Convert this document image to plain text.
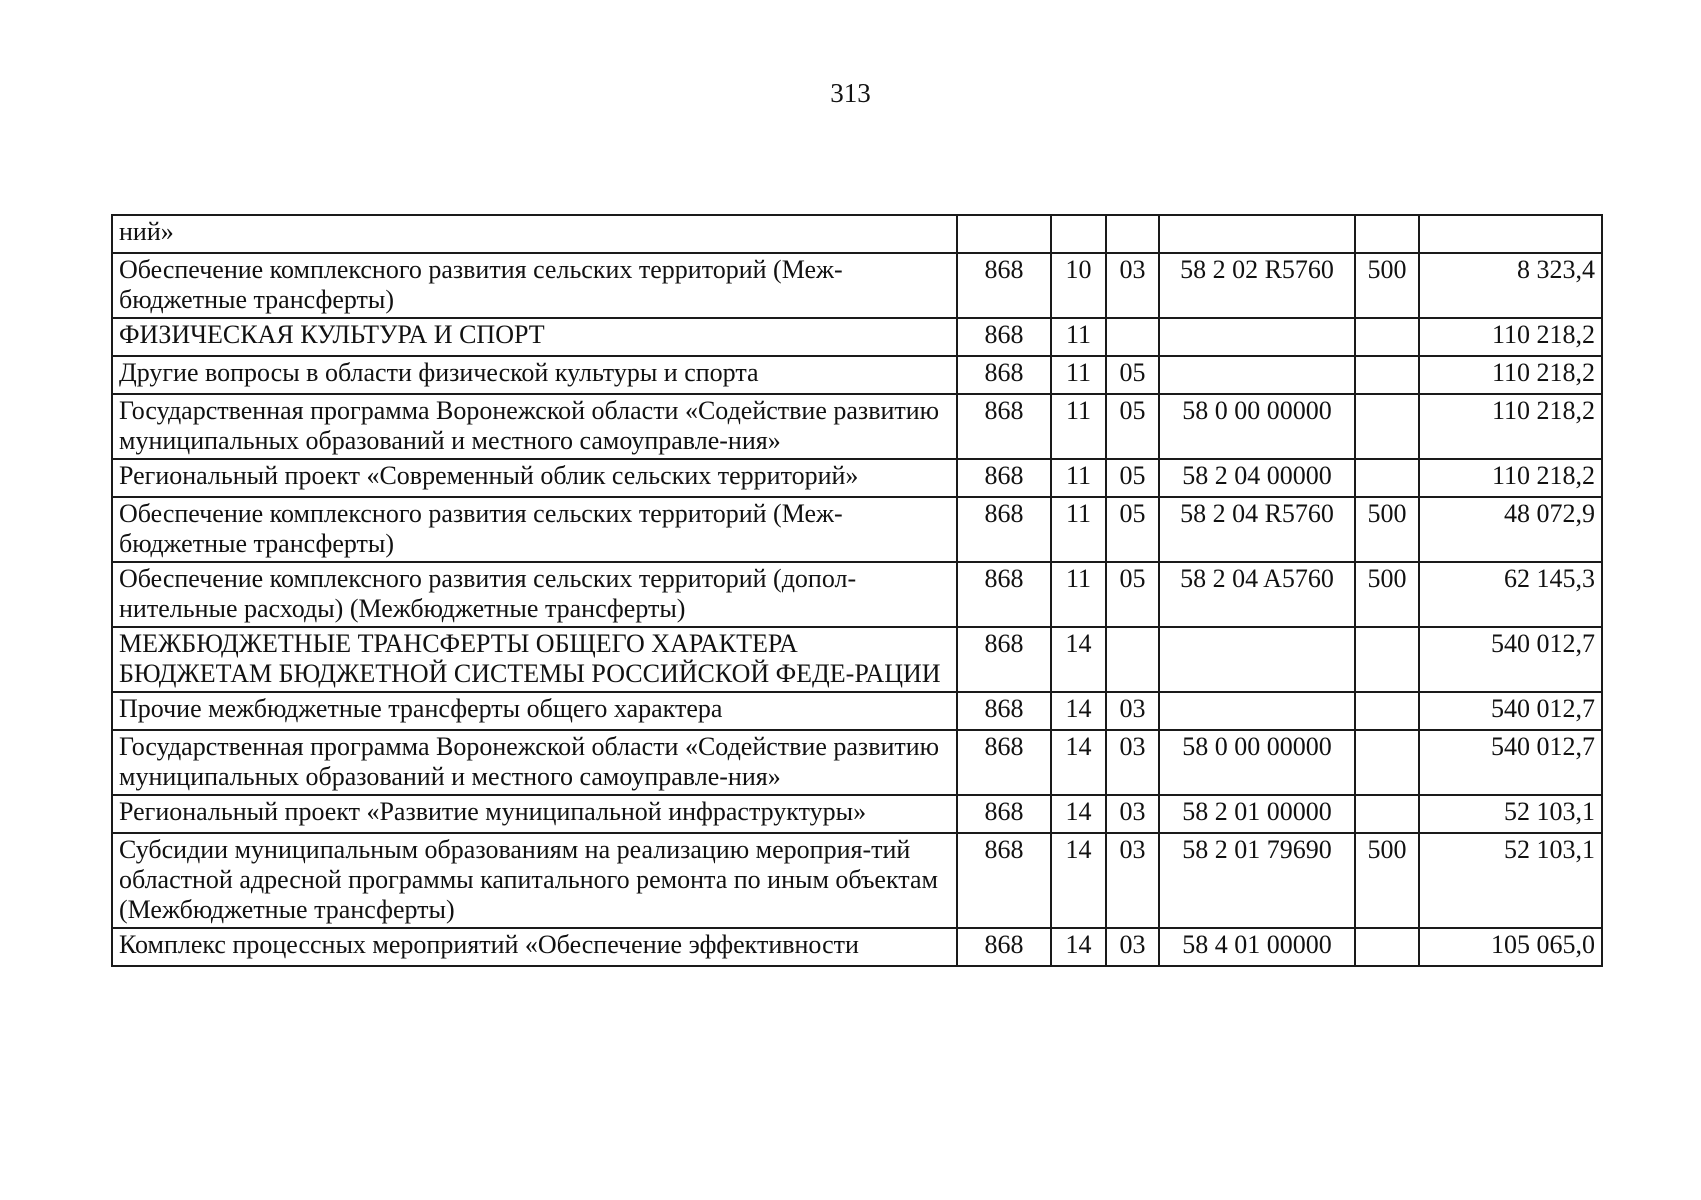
313
ний»						
Обеспечение комплексного развития сельских территорий (Меж-бюджетные трансферты)	868	10	03	58 2 02 R5760	500	8 323,4
ФИЗИЧЕСКАЯ КУЛЬТУРА И СПОРТ	868	11				110 218,2
Другие вопросы в области физической культуры и спорта	868	11	05			110 218,2
Государственная программа Воронежской области «Содействие развитию муниципальных образований и местного самоуправле-ния»	868	11	05	58 0 00 00000		110 218,2
Региональный проект «Современный облик сельских территорий»	868	11	05	58 2 04 00000		110 218,2
Обеспечение комплексного развития сельских территорий (Меж-бюджетные трансферты)	868	11	05	58 2 04 R5760	500	48 072,9
Обеспечение комплексного развития сельских территорий (допол-нительные расходы) (Межбюджетные трансферты)	868	11	05	58 2 04 A5760	500	62 145,3
МЕЖБЮДЖЕТНЫЕ ТРАНСФЕРТЫ ОБЩЕГО ХАРАКТЕРА БЮДЖЕТАМ БЮДЖЕТНОЙ СИСТЕМЫ РОССИЙСКОЙ ФЕДЕ-РАЦИИ	868	14				540 012,7
Прочие межбюджетные трансферты общего характера	868	14	03			540 012,7
Государственная программа Воронежской области «Содействие развитию муниципальных образований и местного самоуправле-ния»	868	14	03	58 0 00 00000		540 012,7
Региональный проект «Развитие муниципальной инфраструктуры»	868	14	03	58 2 01 00000		52 103,1
Субсидии муниципальным образованиям на реализацию мероприя-тий областной адресной программы капитального ремонта по иным объектам (Межбюджетные трансферты)	868	14	03	58 2 01 79690	500	52 103,1
Комплекс процессных мероприятий «Обеспечение эффективности	868	14	03	58 4 01 00000		105 065,0
